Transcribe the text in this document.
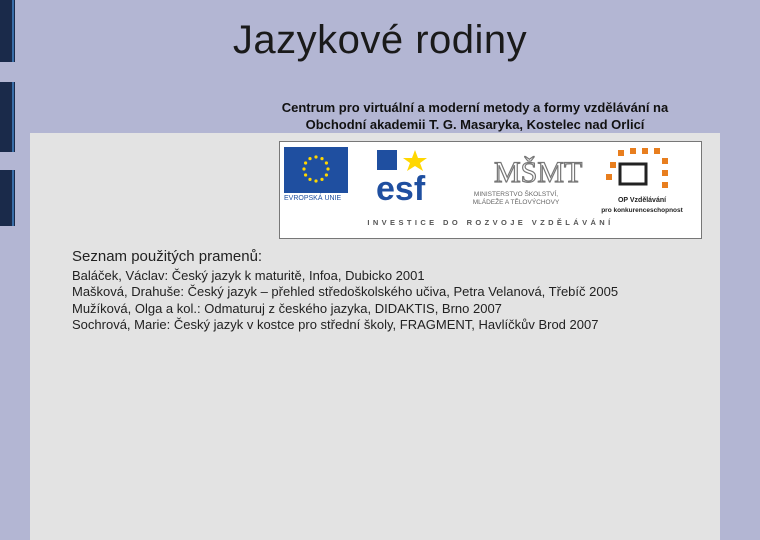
Jazykové rodiny
Centrum pro virtuální a moderní metody a formy vzdělávání na
Obchodní akademii T. G. Masaryka, Kostelec nad Orlicí
EVROPSKÁ UNIE esf MŠMT
MINISTERSTVO ŠKOLSTVÍ,
MLÁDEŽE A TĚLOVÝCHOVY	OP Vzdělávání
pro konkurenceschopnost
INVESTICE DO ROZVOJE VZDĚLÁVÁNÍ
Seznam použitých pramenů:
Baláček, Václav: Český jazyk k maturitě, Infoa, Dubicko 2001
Mašková, Drahuše: Český jazyk – přehled středoškolského učiva, Petra Velanová, Třebíč 2005
Mužíková, Olga a kol.: Odmaturuj z českého jazyka, DIDAKTIS, Brno 2007
Sochrová, Marie: Český jazyk v kostce pro střední školy, FRAGMENT, Havlíčkův Brod 2007
